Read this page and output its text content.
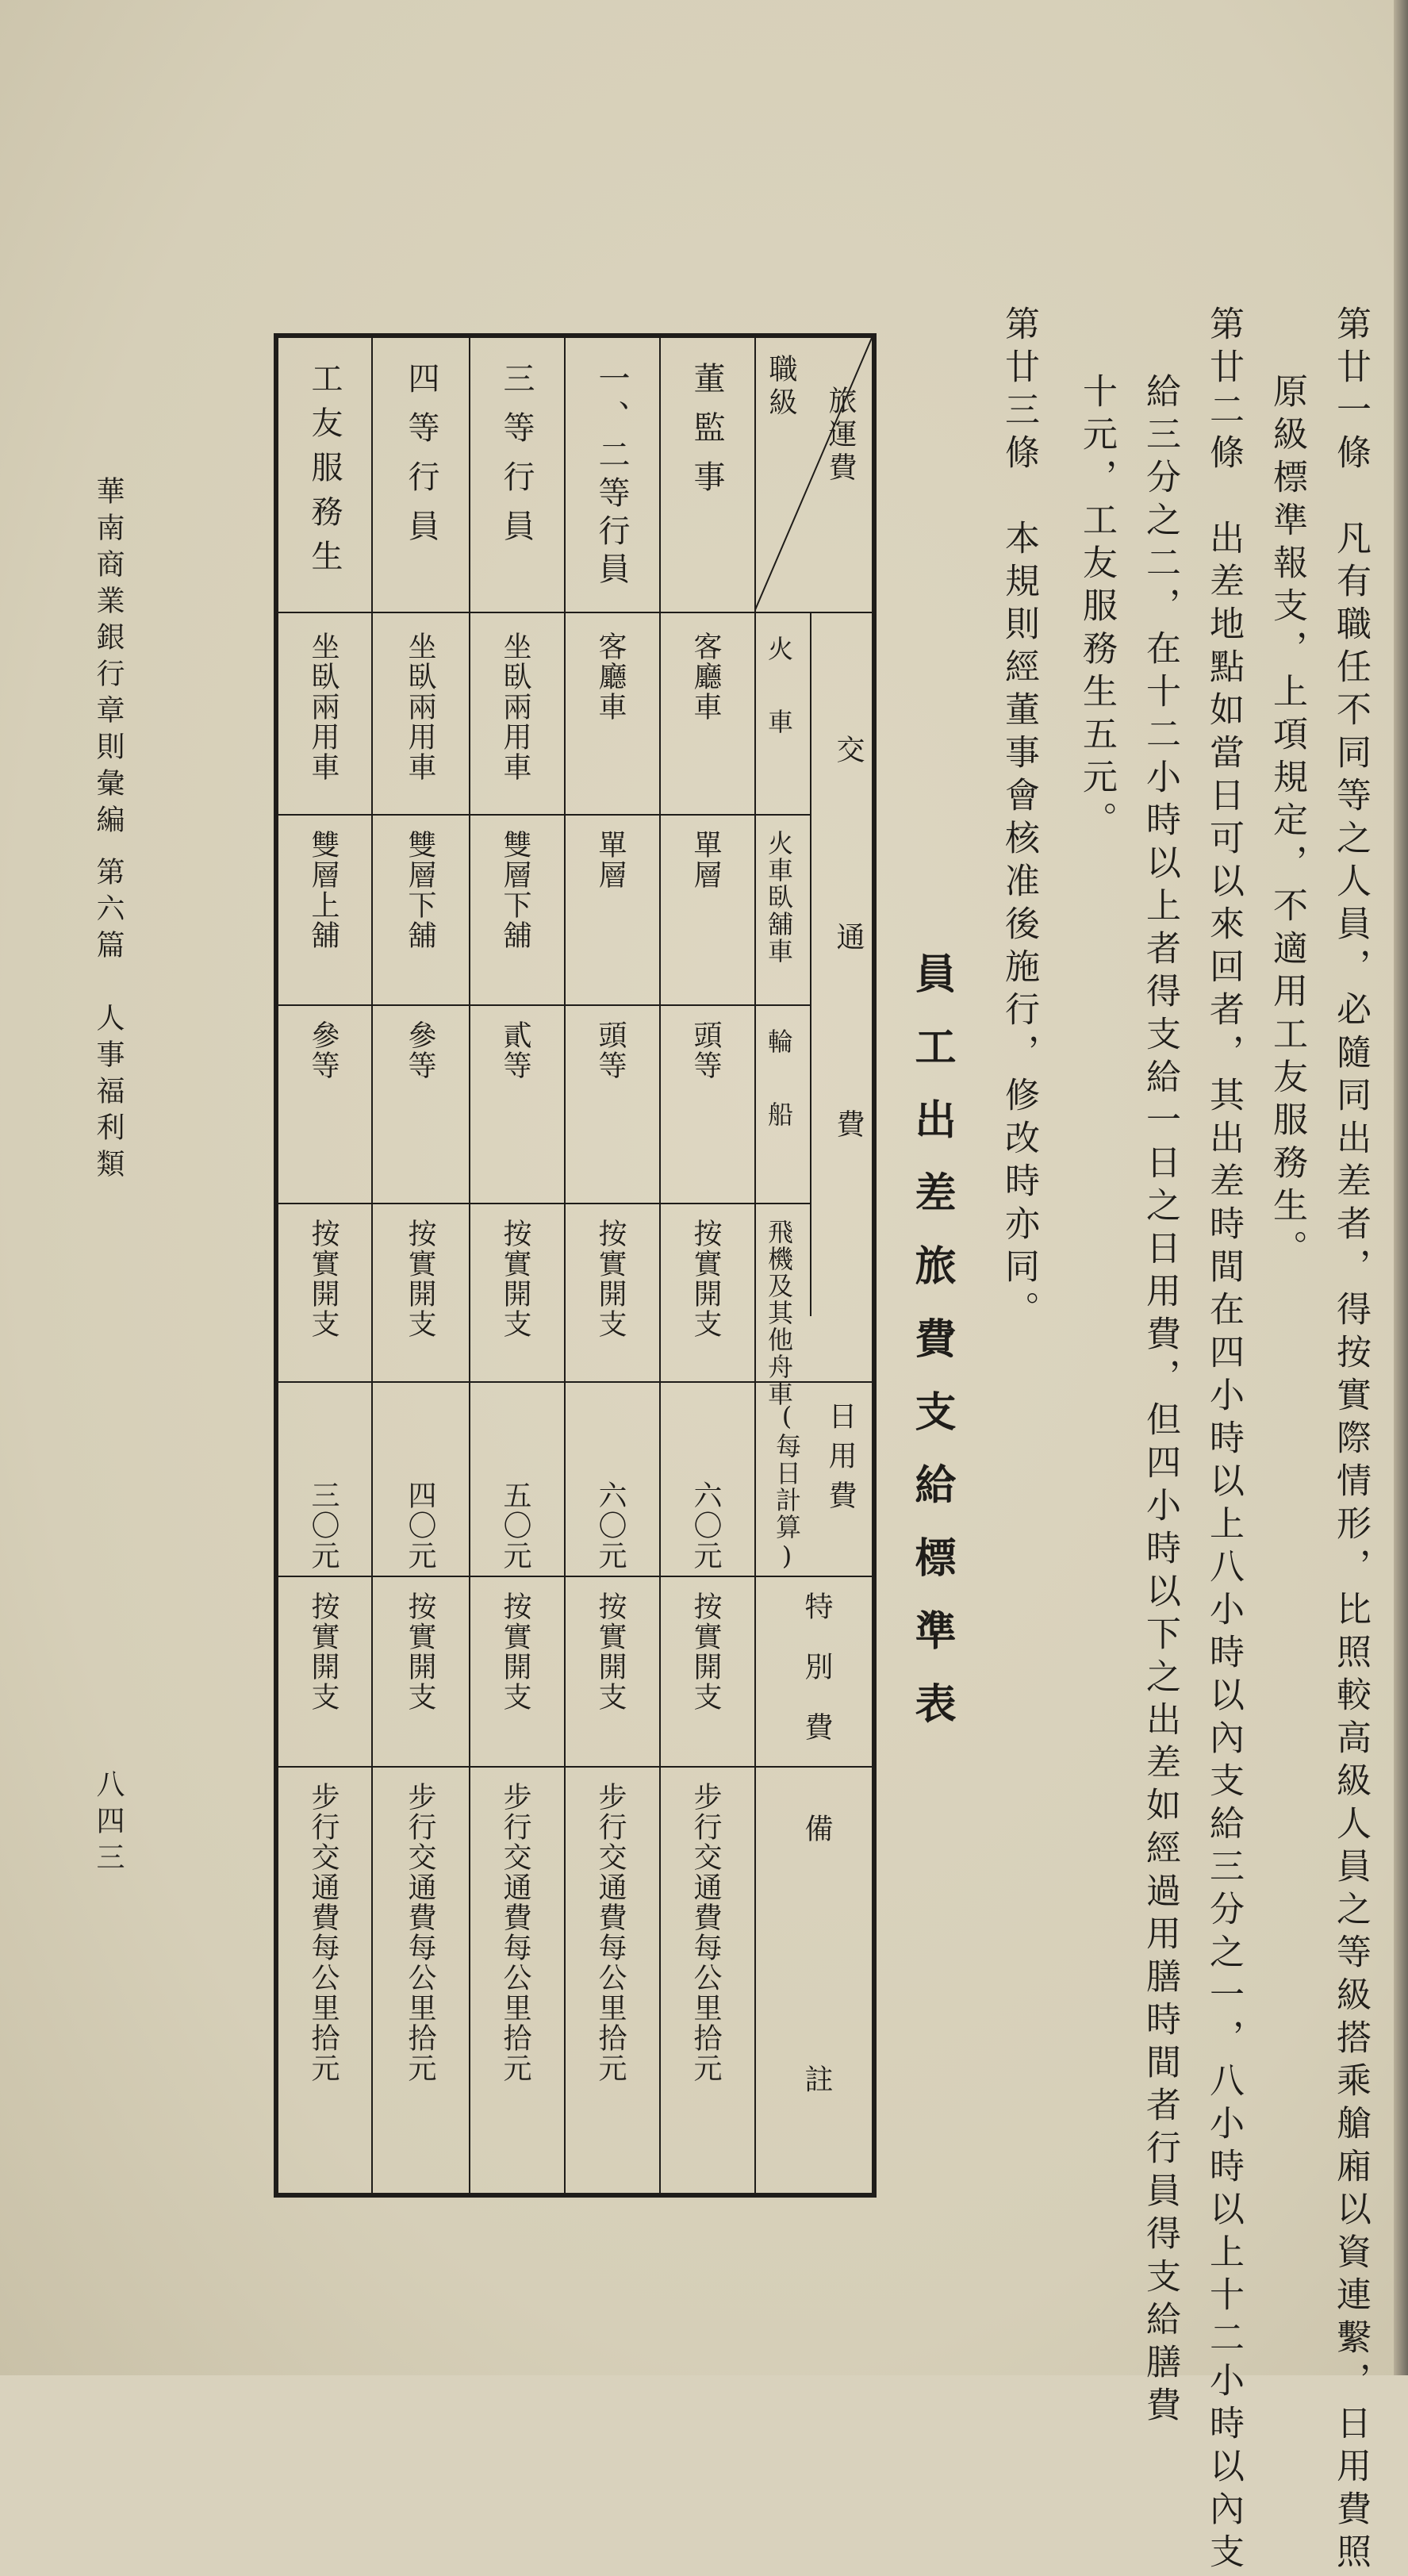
第廿一條　凡有職任不同等之人員，必隨同出差者，得按實際情形，比照較高級人員之等級搭乘艙廂以資連繫，日用費照
原級標準報支，上項規定，不適用工友服務生。
第廿二條　出差地點如當日可以來回者，其出差時間在四小時以上八小時以內支給三分之一，八小時以上十二小時以內支
給三分之二，在十二小時以上者得支給一日之日用費，但四小時以下之出差如經過用膳時間者行員得支給膳費
十元，工友服務生五元。
第廿三條　本規則經董事會核准後施行，修改時亦同。
員工出差旅費支給標準表
華南商業銀行章則彙編
第六篇　人事福利類
八四三
旅運費
職級
交通費
火車
火車臥舖車
輪船
飛機及其他舟車
日用費
(每日計算)
特別費
備註
董監事
客廳車
單層
頭等
按實開支
六〇元
按實開支
步行交通費每公里拾元
一、二等行員
客廳車
單層
頭等
按實開支
六〇元
按實開支
步行交通費每公里拾元
三等行員
坐臥兩用車
雙層下舖
貳等
按實開支
五〇元
按實開支
步行交通費每公里拾元
四等行員
坐臥兩用車
雙層下舖
參等
按實開支
四〇元
按實開支
步行交通費每公里拾元
工友服務生
坐臥兩用車
雙層上舖
參等
按實開支
三〇元
按實開支
步行交通費每公里拾元
